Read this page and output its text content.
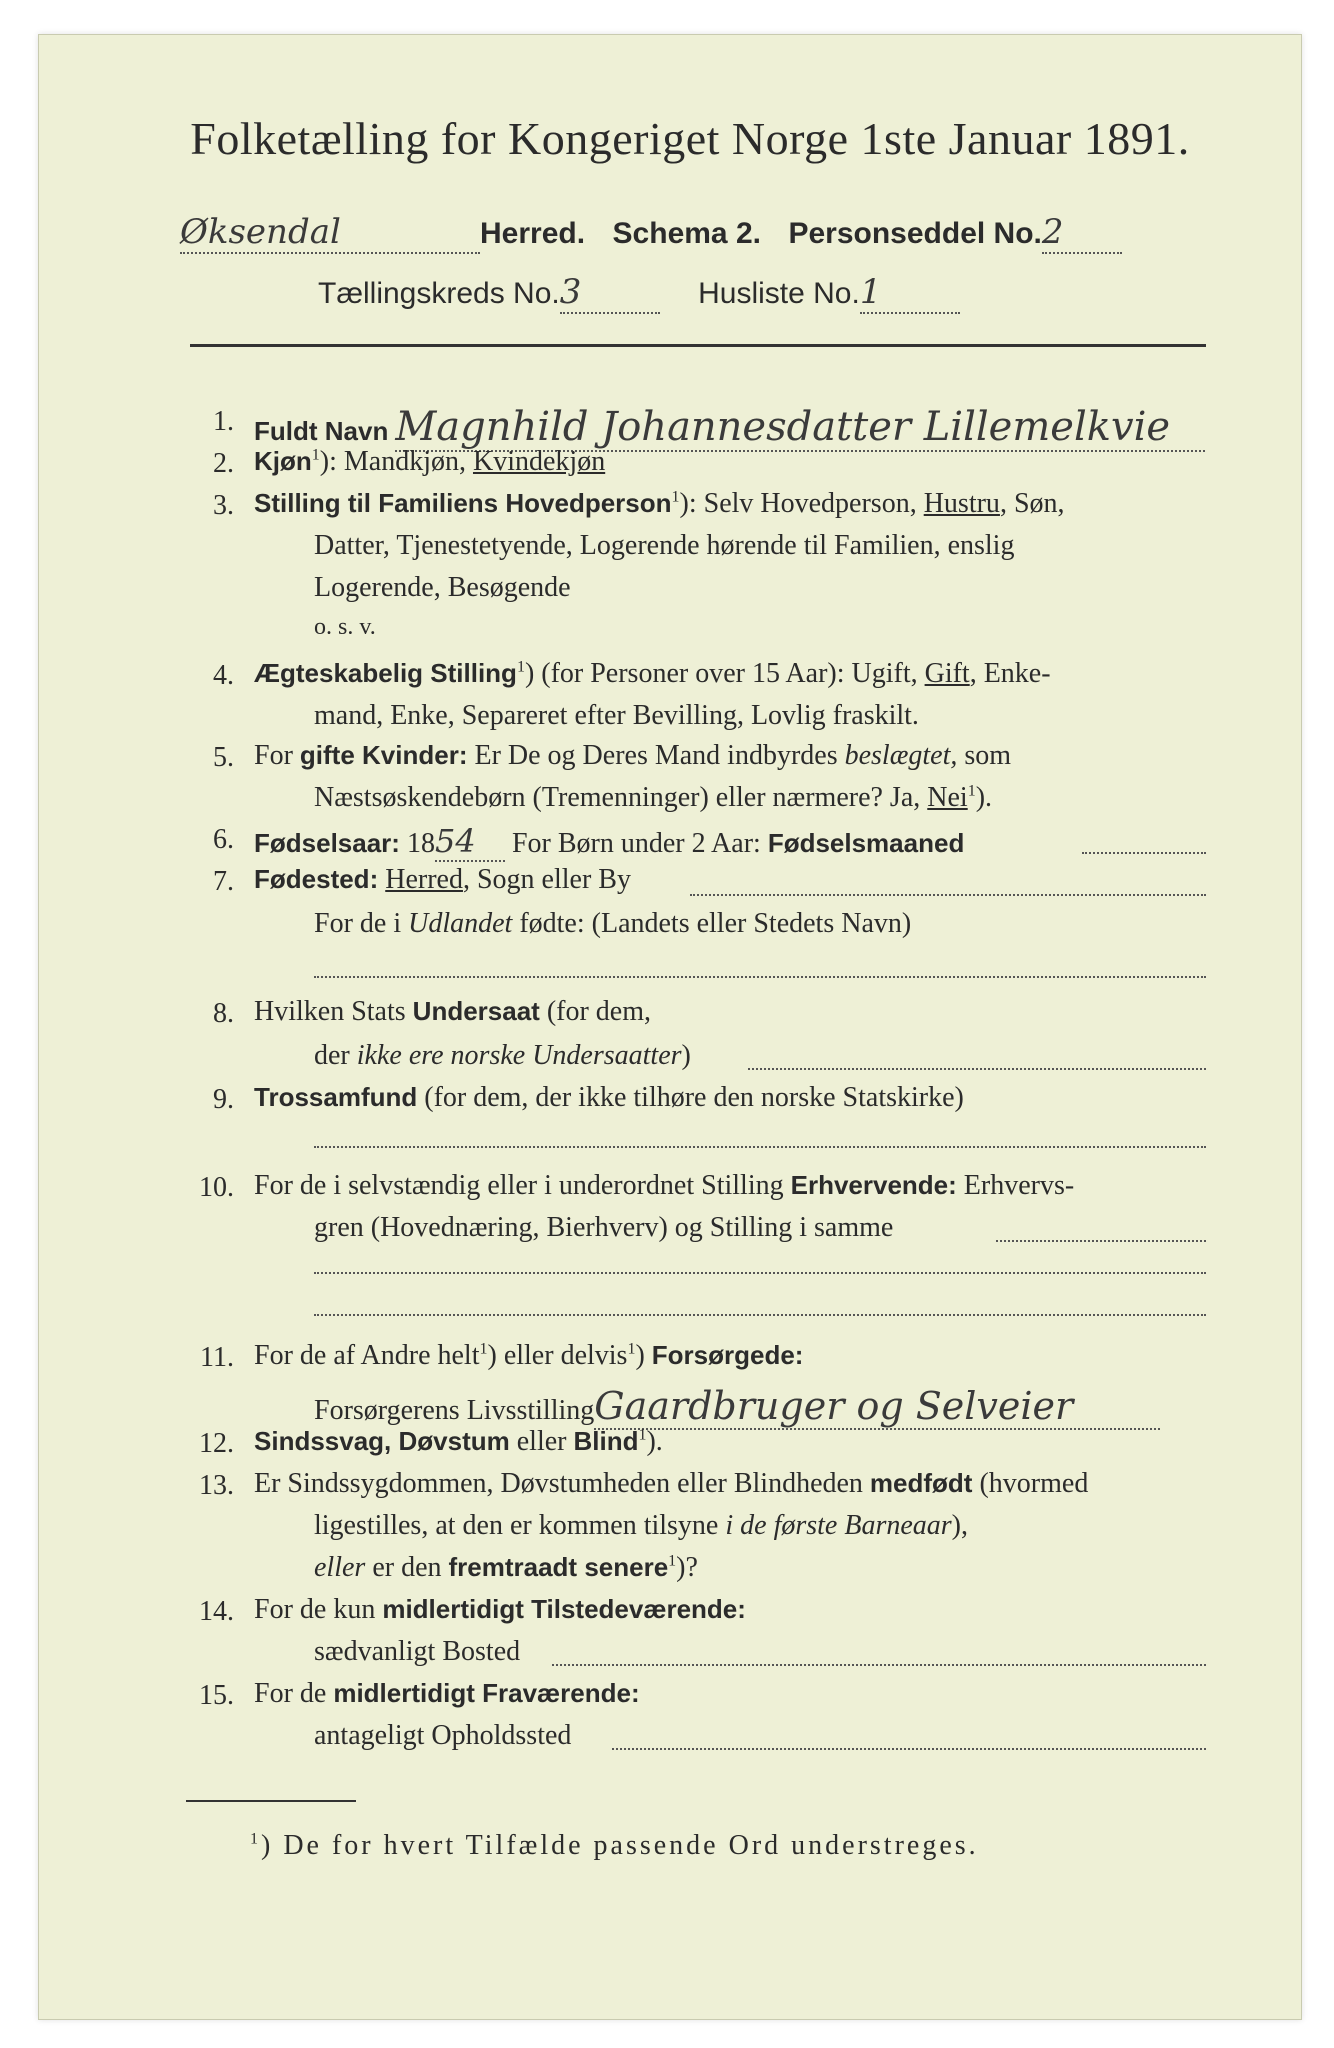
Folketælling for Kongeriget Norge 1ste Januar 1891.
Øksendal	Herred. Schema 2. Personseddel No.2
Tællingskreds No.3	Husliste No.1
1. Fuldt Navn Magnhild Johannesdatter Lillemelkvie
2. Kjøn$^1$): Mandkjøn, Kvindekjøn
3. Stilling til Familiens Hovedperson$^1$): Selv Hovedperson, Hustru, Søn,
Datter, Tjenestetyende, Logerende hørende til Familien, enslig
Logerende, Besøgende
o. s. v.
4. Ægteskabelig Stilling$^1$) (for Personer over 15 Aar): Ugift, Gift, Enke-
mand, Enke, Separeret efter Bevilling, Lovlig fraskilt.
5. For gifte Kvinder: Er De og Deres Mand indbyrdes beslægtet, som
Næstsøskendebørn (Tremenninger) eller nærmere? Ja, Nei$^1$).
6. Fødselsaar: 1854 For Børn under 2 Aar: Fødselsmaaned
7. Fødested: Herred, Sogn eller By
For de i Udlandet fødte: (Landets eller Stedets Navn)
8. Hvilken Stats Undersaat (for dem,
der ikke ere norske Undersaatter)
9. Trossamfund (for dem, der ikke tilhøre den norske Statskirke)
10. For de i selvstændig eller i underordnet Stilling Erhvervende: Erhvervs-
gren (Hovednæring, Bierhverv) og Stilling i samme
11. For de af Andre helt$^1$) eller delvis$^1$) Forsørgede:
Forsørgerens LivsstillingGaardbruger og Selveier
12. Sindssvag, Døvstum eller Blind$^1$).
13. Er Sindssygdommen, Døvstumheden eller Blindheden medfødt (hvormed
ligestilles, at den er kommen tilsyne i de første Barneaar),
eller er den fremtraadt senere$^1$)?
14. For de kun midlertidigt Tilstedeværende:
sædvanligt Bosted
15. For de midlertidigt Fraværende:
antageligt Opholdssted
$^1$) De for hvert Tilfælde passende Ord understreges.
